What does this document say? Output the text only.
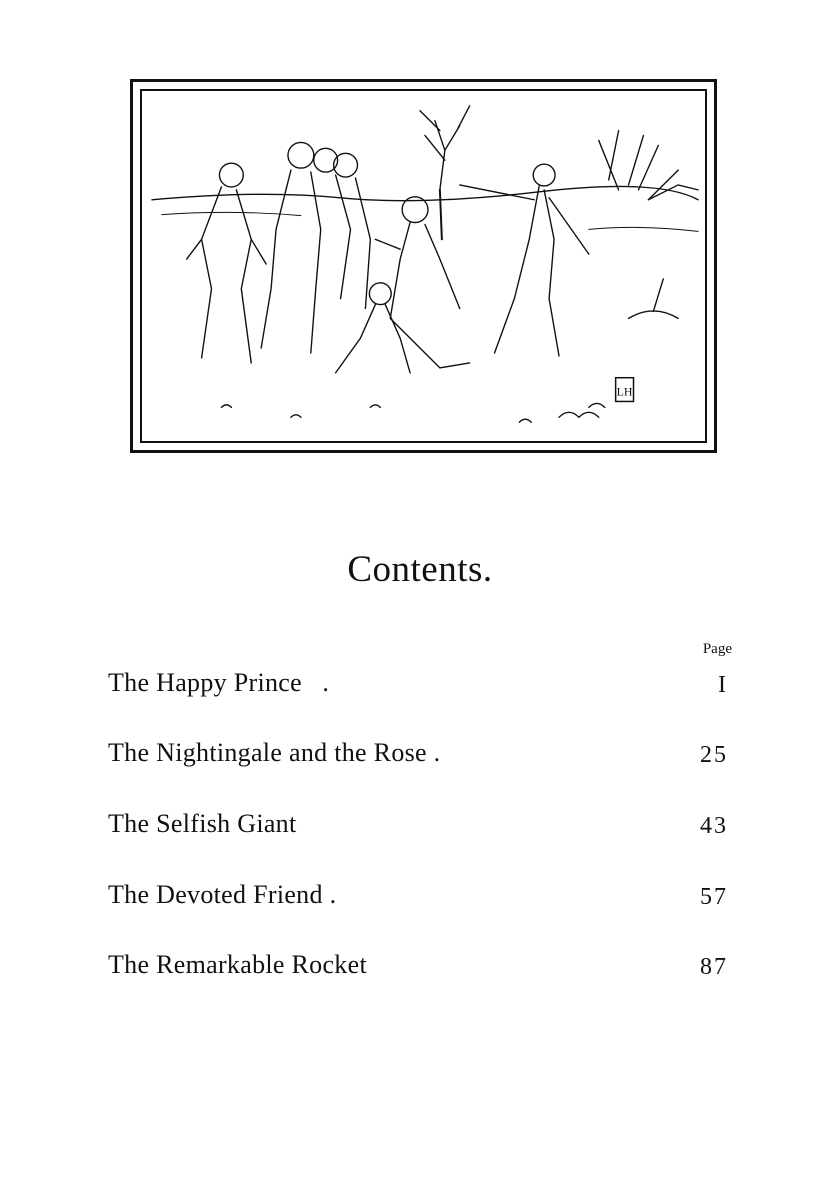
LH
Contents.
Page
The Happy Prince   .	I
The Nightingale and the Rose .	25
The Selfish Giant	43
The Devoted Friend .	57
The Remarkable Rocket	87
